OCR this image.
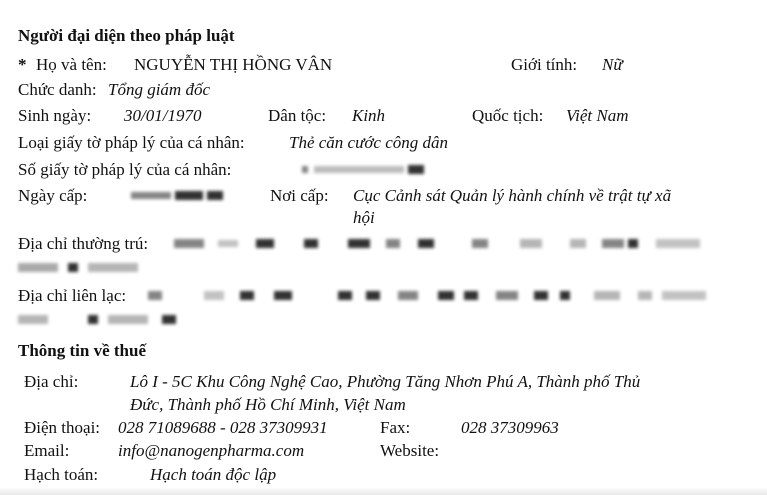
Người đại diện theo pháp luật
* Họ và tên: NGUYỄN THỊ HỒNG VÂN	Giới tính: Nữ
Chức danh: Tổng giám đốc
Sinh ngày: 30/01/1970	Dân tộc: Kinh	Quốc tịch: Việt Nam
Loại giấy tờ pháp lý của cá nhân:	Thẻ căn cước công dân
Số giấy tờ pháp lý của cá nhân:
Ngày cấp:	Nơi cấp: Cục Cảnh sát Quản lý hành chính về trật tự xã
hội
Địa chỉ thường trú:
Địa chỉ liên lạc:
Thông tin về thuế
Địa chỉ:	Lô I - 5C Khu Công Nghệ Cao, Phường Tăng Nhơn Phú A, Thành phố Thủ
Đức, Thành phố Hồ Chí Minh, Việt Nam
Điện thoại: 028 71089688 - 028 37309931	Fax:	028 37309963
Email:	info@nanogenpharma.com	Website:
Hạch toán:	Hạch toán độc lập
